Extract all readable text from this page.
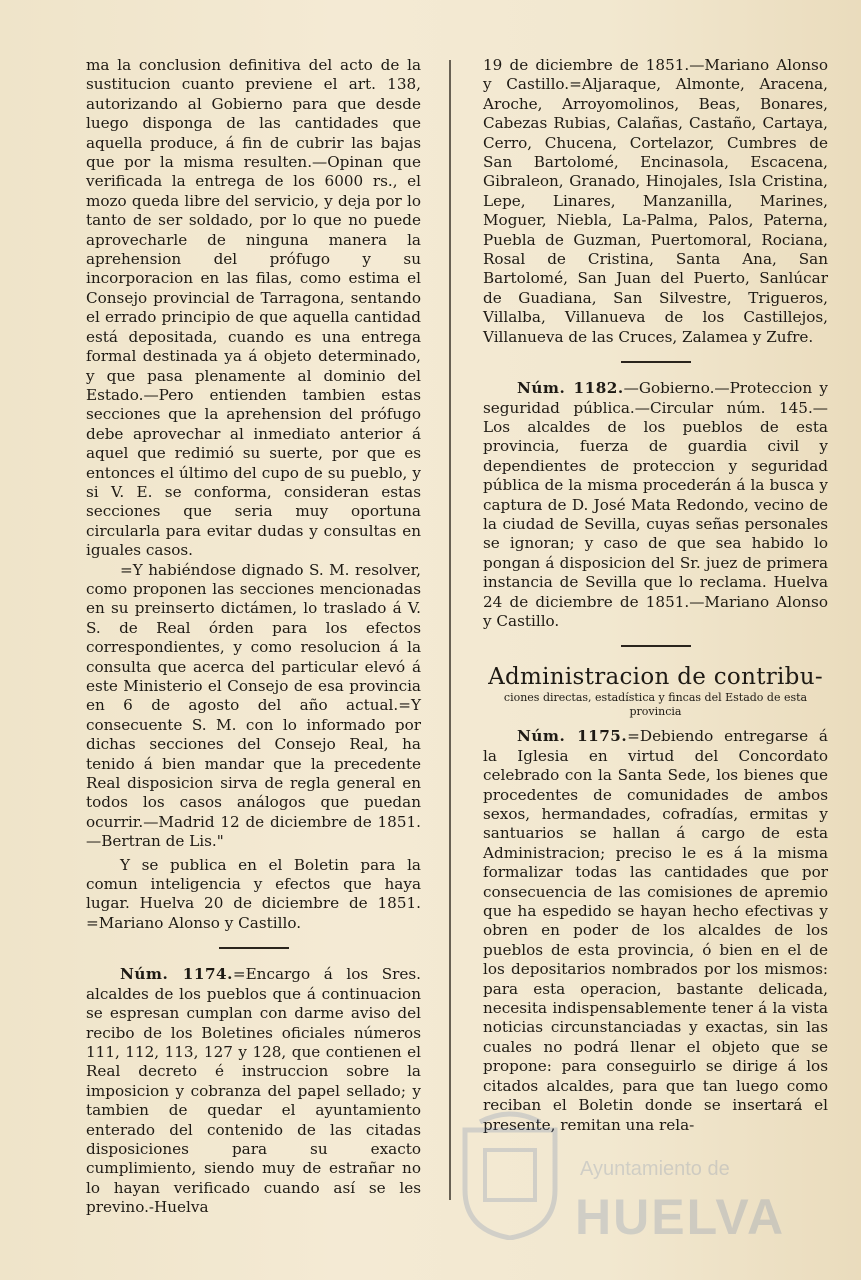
ma la conclusion definitiva del acto de la sustitucion cuanto previene el art. 138, autorizando al Gobierno para que desde luego disponga de las cantidades que aquella produce, á fin de cubrir las bajas que por la misma resulten.—Opinan que verificada la entrega de los 6000 rs., el mozo queda libre del servicio, y deja por lo tanto de ser soldado, por lo que no puede aprovecharle de ninguna manera la aprehension del prófugo y su incorporacion en las filas, como estima el Consejo provincial de Tarragona, sentando el errado principio de que aquella cantidad está depositada, cuando es una entrega formal destinada ya á objeto determinado, y que pasa plenamente al dominio del Estado.—Pero entienden tambien estas secciones que la aprehension del prófugo debe aprovechar al inmediato anterior á aquel que redimió su suerte, por que es entonces el último del cupo de su pueblo, y si V. E. se conforma, consideran estas secciones que seria muy oportuna circularla para evitar dudas y consultas en iguales casos.

=Y habiéndose dignado S. M. resolver, como proponen las secciones mencionadas en su preinserto dictámen, lo traslado á V. S. de Real órden para los efectos correspondientes, y como resolucion á la consulta que acerca del particular elevó á este Ministerio el Consejo de esa provincia en 6 de agosto del año actual.=Y consecuente S. M. con lo informado por dichas secciones del Consejo Real, ha tenido á bien mandar que la precedente Real disposicion sirva de regla general en todos los casos análogos que puedan ocurrir.—Madrid 12 de diciembre de 1851.—Bertran de Lis."

Y se publica en el Boletin para la comun inteligencia y efectos que haya lugar. Huelva 20 de diciembre de 1851. =Mariano Alonso y Castillo.

Núm. 1174.=Encargo á los Sres. alcaldes de los pueblos que á continuacion se espresan cumplan con darme aviso del recibo de los Boletines oficiales números 111, 112, 113, 127 y 128, que contienen el Real decreto é instruccion sobre la imposicion y cobranza del papel sellado; y tambien de quedar el ayuntamiento enterado del contenido de las citadas disposiciones para su exacto cumplimiento, siendo muy de estrañar no lo hayan verificado cuando así se les previno.-Huelva

19 de diciembre de 1851.—Mariano Alonso y Castillo.=Aljaraque, Almonte, Aracena, Aroche, Arroyomolinos, Beas, Bonares, Cabezas Rubias, Calañas, Castaño, Cartaya, Cerro, Chucena, Cortelazor, Cumbres de San Bartolomé, Encinasola, Escacena, Gibraleon, Granado, Hinojales, Isla Cristina, Lepe, Linares, Manzanilla, Marines, Moguer, Niebla, La-Palma, Palos, Paterna, Puebla de Guzman, Puertomoral, Rociana, Rosal de Cristina, Santa Ana, San Bartolomé, San Juan del Puerto, Sanlúcar de Guadiana, San Silvestre, Trigueros, Villalba, Villanueva de los Castillejos, Villanueva de las Cruces, Zalamea y Zufre.

Núm. 1182.—Gobierno.—Proteccion y seguridad pública.—Circular núm. 145.—Los alcaldes de los pueblos de esta provincia, fuerza de guardia civil y dependientes de proteccion y seguridad pública de la misma procederán á la busca y captura de D. José Mata Redondo, vecino de la ciudad de Sevilla, cuyas señas personales se ignoran; y caso de que sea habido lo pongan á disposicion del Sr. juez de primera instancia de Sevilla que lo reclama. Huelva 24 de diciembre de 1851.—Mariano Alonso y Castillo.

Administracion de contribu-
ciones directas, estadística y fincas del Estado de esta provincia

Núm. 1175.=Debiendo entregarse á la Iglesia en virtud del Concordato celebrado con la Santa Sede, los bienes que procedentes de comunidades de ambos sexos, hermandades, cofradías, ermitas y santuarios se hallan á cargo de esta Administracion; preciso le es á la misma formalizar todas las cantidades que por consecuencia de las comisiones de apremio que ha espedido se hayan hecho efectivas y obren en poder de los alcaldes de los pueblos de esta provincia, ó bien en el de los depositarios nombrados por los mismos: para esta operacion, bastante delicada, necesita indispensablemente tener á la vista noticias circunstanciadas y exactas, sin las cuales no podrá llenar el objeto que se propone: para conseguirlo se dirige á los citados alcaldes, para que tan luego como reciban el Boletin donde se insertará el presente, remitan una rela-

Ayuntamiento de
HUELVA
